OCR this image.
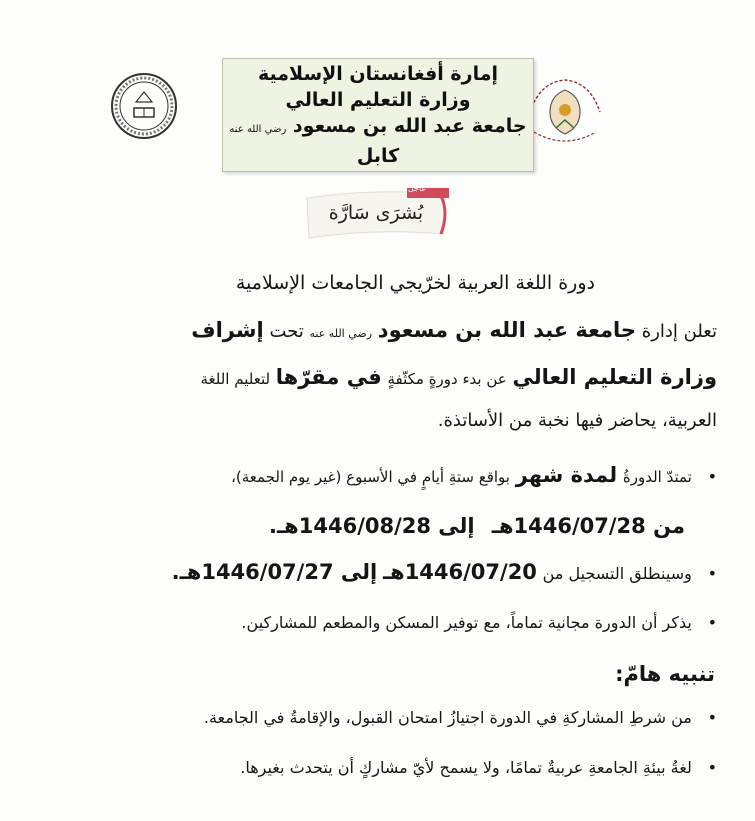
إمارة أفغانستان الإسلامية
وزارة التعليم العالي
جامعة عبد الله بن مسعود رضي الله عنه
كابل
عاجل
بُشرَى سَارَّة
دورة اللغة العربية لخرّيجي الجامعات الإسلامية
تعلن إدارة جامعة عبد الله بن مسعود رضي الله عنه تحت إشراف
وزارة التعليم العالي عن بدء دورةٍ مكثّفةٍ في مقرّها لتعليم اللغة
العربية، يحاضر فيها نخبة من الأساتذة.
• تمتدّ الدورةُ لمدة شهر بواقع ستةِ أيامٍ في الأسبوع (غير يوم الجمعة)،
من 1446/07/28هـ   إلى 1446/08/28هـ.
• وسينطلق التسجيل من 1446/07/20هـ إلى 1446/07/27هـ.
• يذكر أن الدورة مجانية تماماً، مع توفير المسكن والمطعم للمشاركين.
تنبيه هامّ:
• من شرطِ المشاركةِ في الدورة اجتيازُ امتحان القبول، والإقامةُ في الجامعة.
• لغةُ بيئةِ الجامعةِ عربيةٌ تمامًا، ولا يسمح لأيّ مشاركٍ أن يتحدث بغيرها.
